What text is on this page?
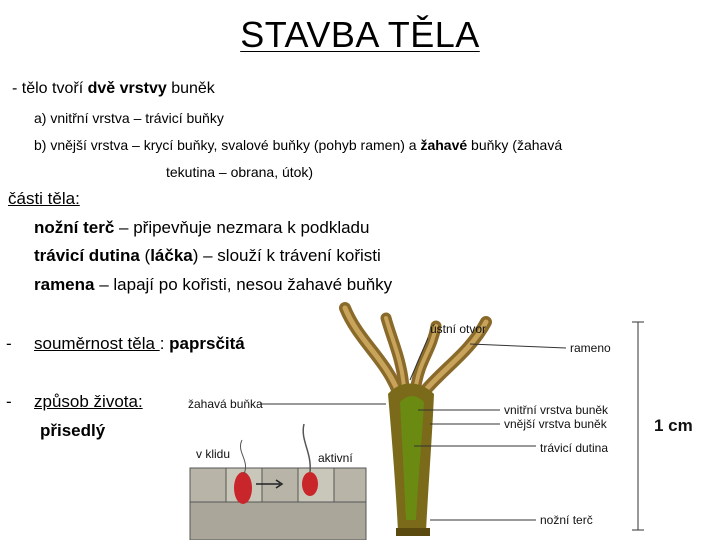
STAVBA TĚLA
- tělo tvoří dvě vrstvy buněk
a) vnitřní vrstva – trávicí buňky
b) vnější vrstva – krycí buňky, svalové buňky (pohyb ramen) a žahavé buňky (žahavá
tekutina – obrana, útok)
části těla:
nožní terč – připevňuje nezmara k podkladu
trávicí dutina (láčka) – slouží k trávení kořisti
ramena – lapají po kořisti, nesou žahavé buňky
- souměrnost těla : paprsčitá
- způsob života:
přisedlý
ústní otvor
rameno
vnitřní vrstva buněk
vnější vrstva buněk
trávicí dutina
nožní terč
žahavá buňka
v klidu	aktivní
1 cm
